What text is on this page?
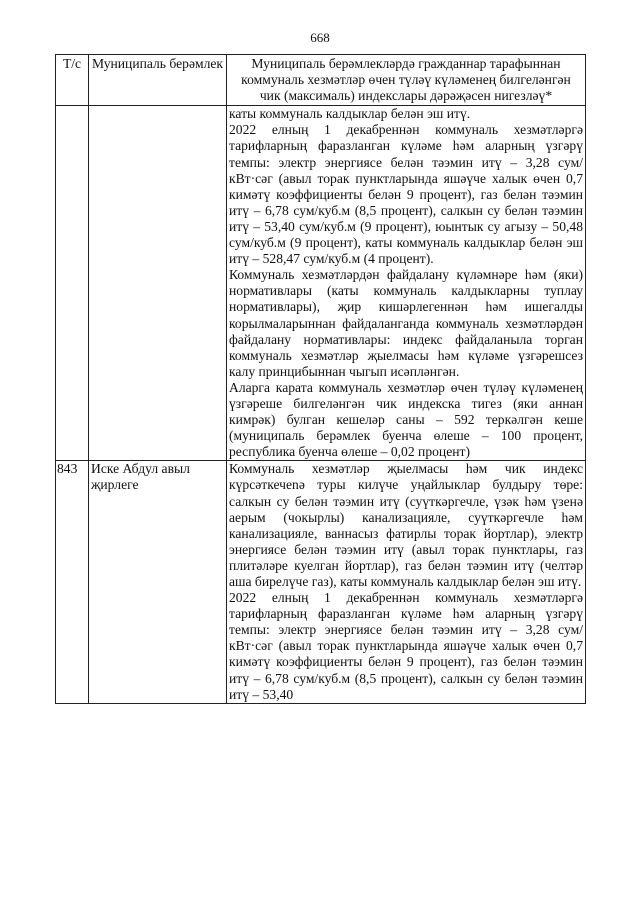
668
Т/с	Муниципаль берәмлек	Муниципаль берәмлекләрдә гражданнар тарафыннан коммуналь хезмәтләр өчен түләү күләменең билгеләнгән чик (максималь) индекслары дәрәҗәсен нигезләү*

		каты коммуналь калдыклар белән эш итү.

2022 елның 1 декабреннән коммуналь хезмәтләргә тарифларның фаразланган күләме һәм аларның үзгәрү темпы: электр энергиясе белән тәэмин итү – 3,28 сум/кВт·сәг (авыл торак пунктларында яшәүче халык өчен 0,7 кимәтү коэффициенты белән 9 процент), газ белән тәэмин итү – 6,78 сум/куб.м (8,5 процент), салкын су белән тәэмин итү – 53,40 сум/куб.м (9 процент), юынтык су агызу – 50,48 сум/куб.м (9 процент), каты коммуналь калдыклар белән эш итү – 528,47 сум/куб.м (4 процент).

Коммуналь хезмәтләрдән файдалану күләмнәре һәм (яки) нормативлары (каты коммуналь калдыкларны туплау нормативлары), җир кишәрлегеннән һәм ишегалды корылмаларыннан файдаланганда коммуналь хезмәтләрдән файдалану нормативлары: индекс файдаланыла торган коммуналь хезмәтләр җыелмасы һәм күләме үзгәрешсез калу принцибыннан чыгып исәпләнгән.

Аларга карата коммуналь хезмәтләр өчен түләү күләменең үзгәреше билгеләнгән чик индекска тигез (яки аннан кимрәк) булган кешеләр саны – 592 теркәлгән кеше (муниципаль берәмлек буенча өлеше – 100 процент, республика буенча өлеше – 0,02 процент)

843	Иске Абдул авыл җирлеге	Коммуналь хезмәтләр җыелмасы һәм чик индекс күрсәткечenә туры килүче уңайлыклар булдыру төре: салкын су белән тәэмин итү (суүткәргечле, үзәк һәм үзенә аерым (чокырлы) канализацияле, суүткәргечле һәм канализацияле, ваннасыз фатирлы торак йортлар), электр энергиясе белән тәэмин итү (авыл торак пунктлары, газ плитәләре куелган йортлар), газ белән тәэмин итү (челтәр аша бирелүче газ), каты коммуналь калдыклар белән эш итү.

2022 елның 1 декабреннән коммуналь хезмәтләргә тарифларның фаразланган күләме һәм аларның үзгәрү темпы: электр энергиясе белән тәэмин итү – 3,28 сум/кВт·сәг (авыл торак пунктларында яшәүче халык өчен 0,7 кимәтү коэффициенты белән 9 процент), газ белән тәэмин итү – 6,78 сум/куб.м (8,5 процент), салкын су белән тәэмин итү – 53,40
